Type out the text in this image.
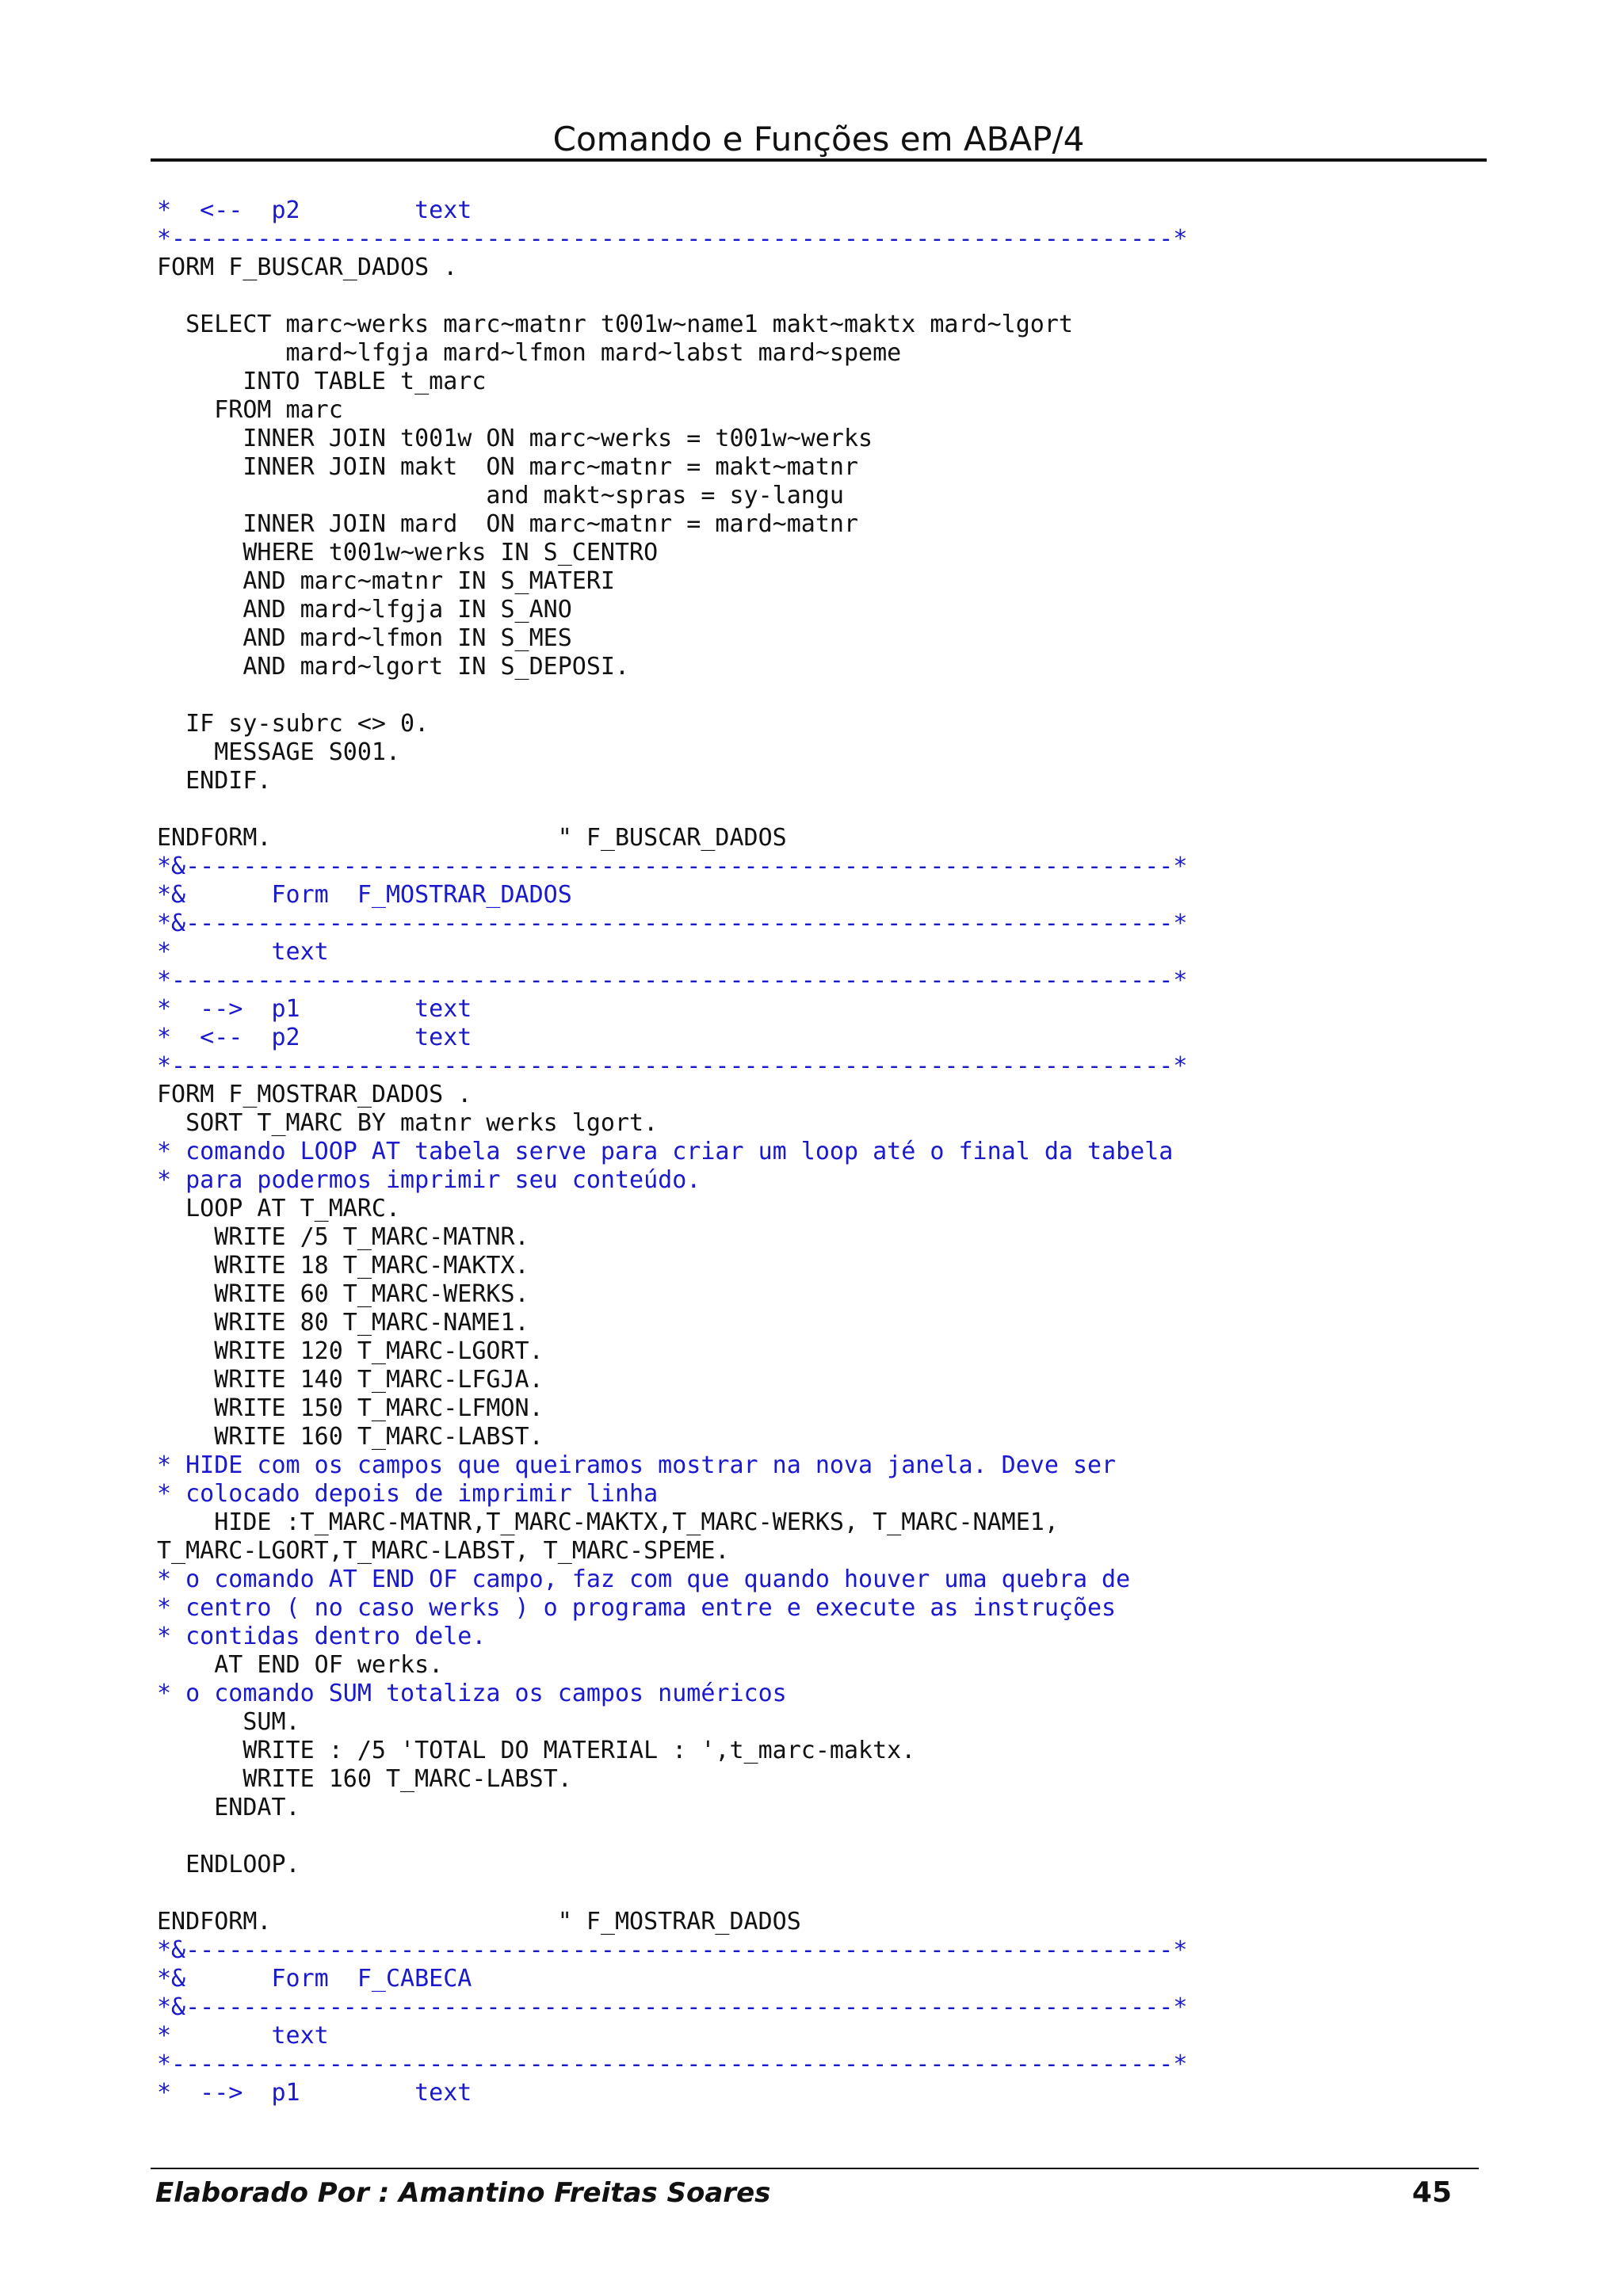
Comando e Funções em ABAP/4
*  <--  p2        text
*----------------------------------------------------------------------*
FORM F_BUSCAR_DADOS .
SELECT marc~werks marc~matnr t001w~name1 makt~maktx mard~lgort
mard~lfgja mard~lfmon mard~labst mard~speme
INTO TABLE t_marc
FROM marc
INNER JOIN t001w ON marc~werks = t001w~werks
INNER JOIN makt  ON marc~matnr = makt~matnr
and makt~spras = sy-langu
INNER JOIN mard  ON marc~matnr = mard~matnr
WHERE t001w~werks IN S_CENTRO
AND marc~matnr IN S_MATERI
AND mard~lfgja IN S_ANO
AND mard~lfmon IN S_MES
AND mard~lgort IN S_DEPOSI.
IF sy-subrc <> 0.
MESSAGE S001.
ENDIF.
ENDFORM.                    " F_BUSCAR_DADOS
*&---------------------------------------------------------------------*
*&      Form  F_MOSTRAR_DADOS
*&---------------------------------------------------------------------*
*       text
*----------------------------------------------------------------------*
*  -->  p1        text
*  <--  p2        text
*----------------------------------------------------------------------*
FORM F_MOSTRAR_DADOS .
SORT T_MARC BY matnr werks lgort.
* comando LOOP AT tabela serve para criar um loop até o final da tabela
* para podermos imprimir seu conteúdo.
LOOP AT T_MARC.
WRITE /5 T_MARC-MATNR.
WRITE 18 T_MARC-MAKTX.
WRITE 60 T_MARC-WERKS.
WRITE 80 T_MARC-NAME1.
WRITE 120 T_MARC-LGORT.
WRITE 140 T_MARC-LFGJA.
WRITE 150 T_MARC-LFMON.
WRITE 160 T_MARC-LABST.
* HIDE com os campos que queiramos mostrar na nova janela. Deve ser
* colocado depois de imprimir linha
HIDE :T_MARC-MATNR,T_MARC-MAKTX,T_MARC-WERKS, T_MARC-NAME1,
T_MARC-LGORT,T_MARC-LABST, T_MARC-SPEME.
* o comando AT END OF campo, faz com que quando houver uma quebra de
* centro ( no caso werks ) o programa entre e execute as instruções
* contidas dentro dele.
AT END OF werks.
* o comando SUM totaliza os campos numéricos
SUM.
WRITE : /5 'TOTAL DO MATERIAL : ',t_marc-maktx.
WRITE 160 T_MARC-LABST.
ENDAT.
ENDLOOP.
ENDFORM.                    " F_MOSTRAR_DADOS
*&---------------------------------------------------------------------*
*&      Form  F_CABECA
*&---------------------------------------------------------------------*
*       text
*----------------------------------------------------------------------*
*  -->  p1        text
Elaborado Por : Amantino Freitas Soares	45
